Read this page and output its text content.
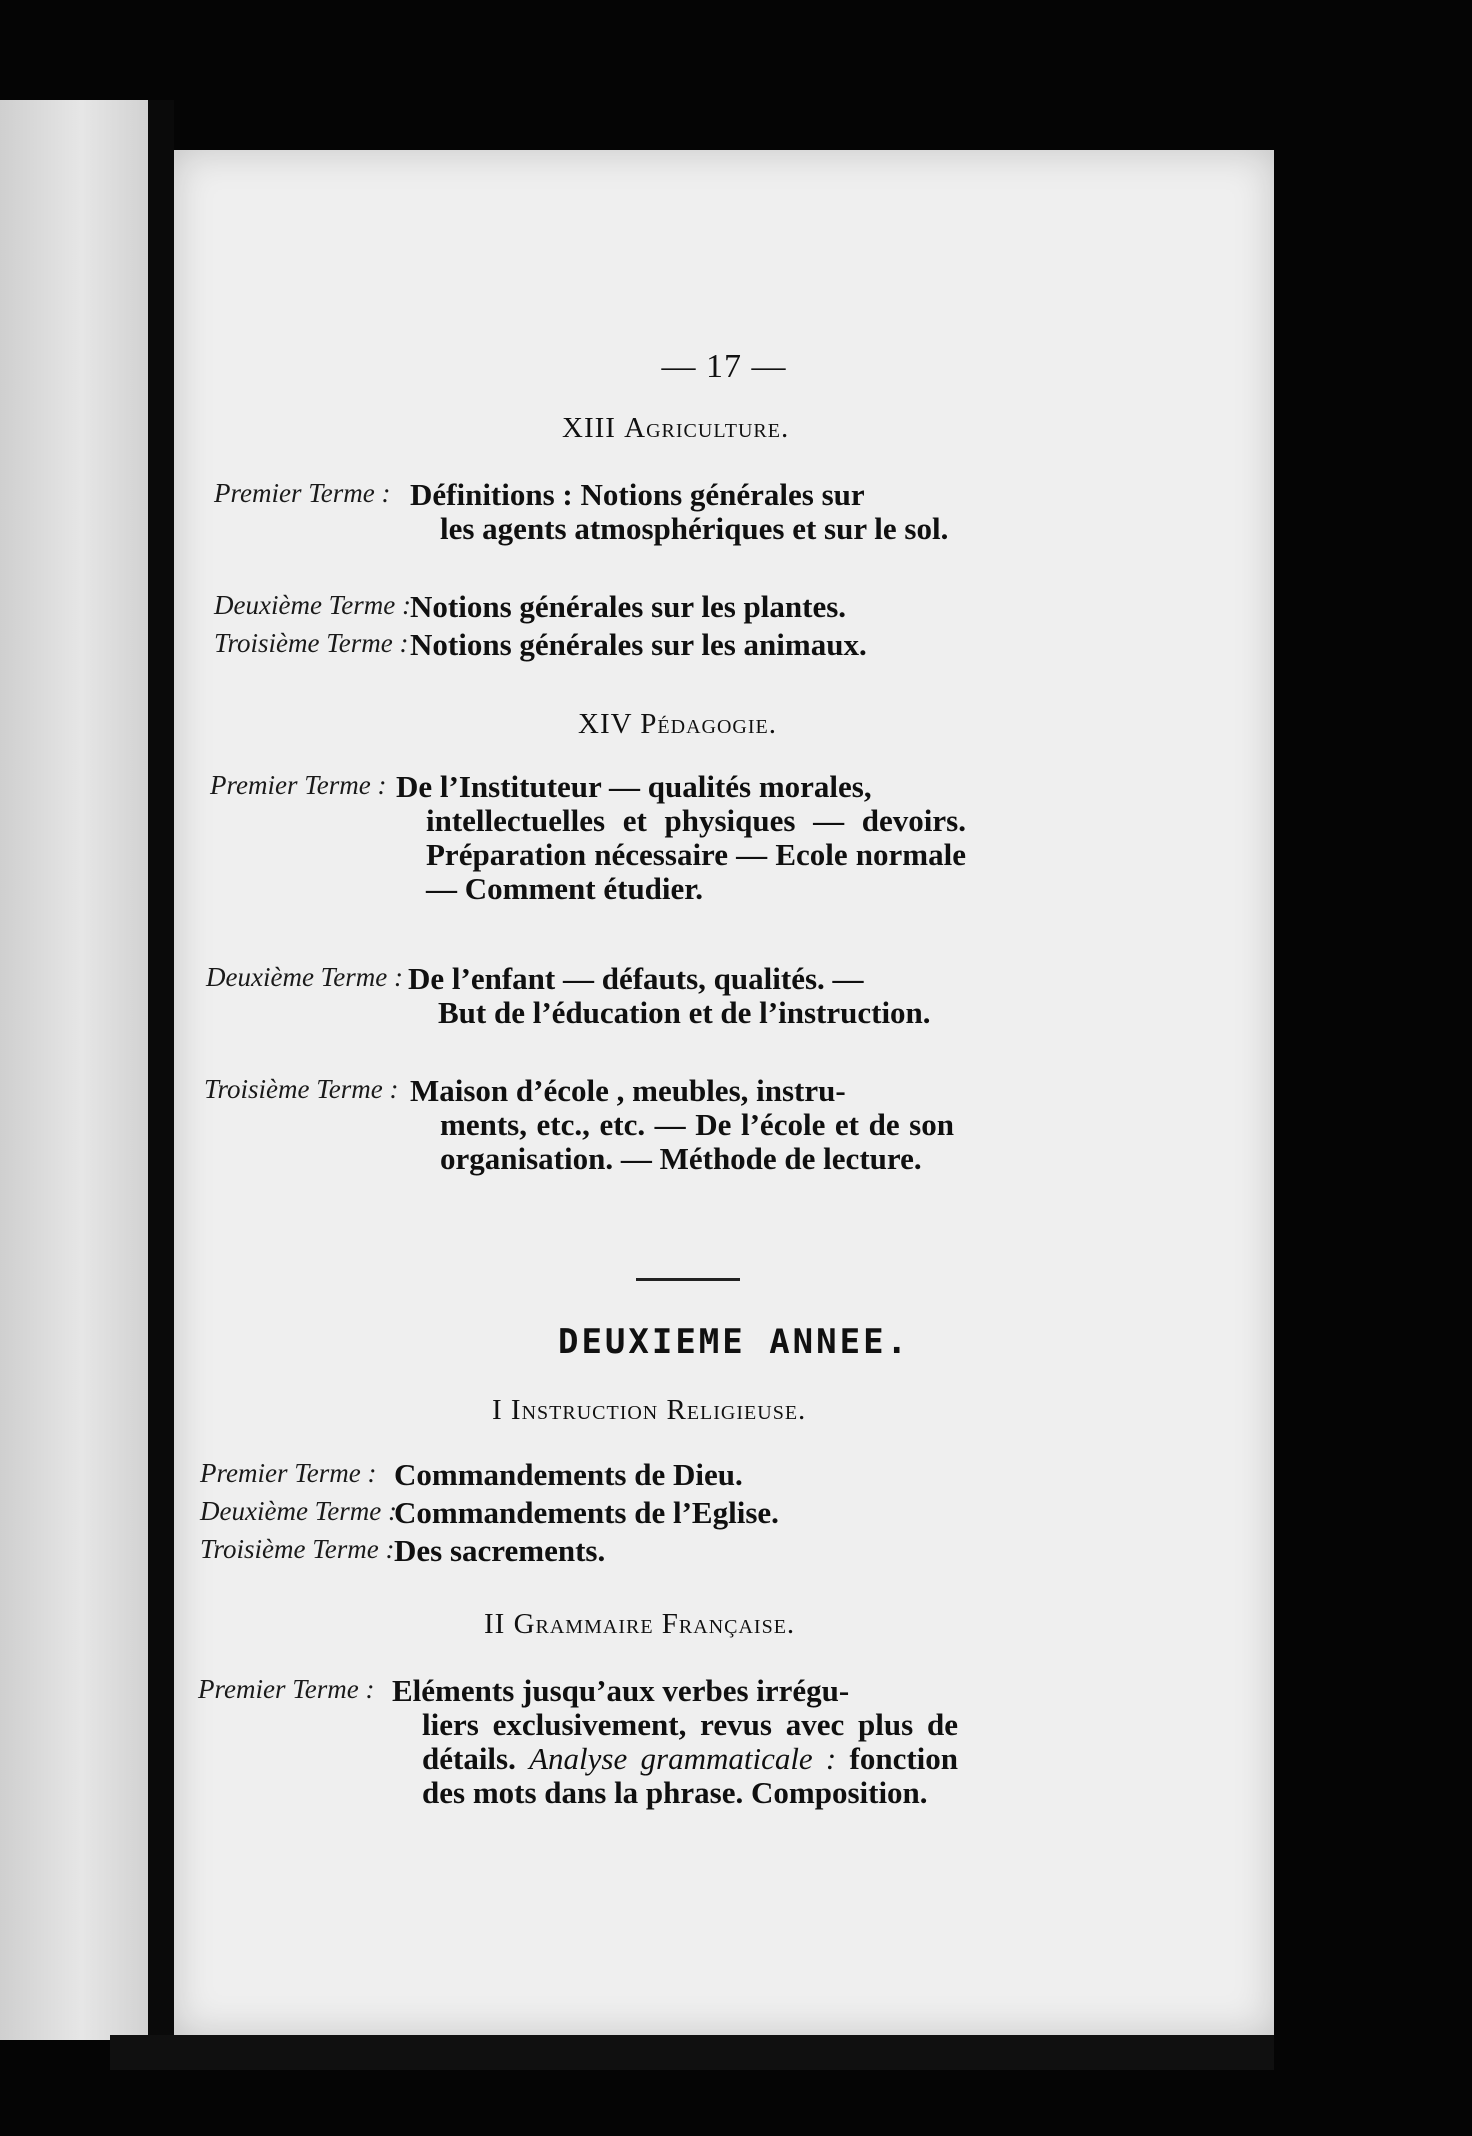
— 17 —
XIII Agriculture.
Premier Terme : Définitions : Notions générales sur
les agents atmosphériques et sur le sol.
Deuxième Terme : Notions générales sur les plantes.
Troisième Terme : Notions générales sur les animaux.
XIV Pédagogie.
Premier Terme : De l’Instituteur — qualités morales,
intellectuelles et physiques — devoirs. Préparation nécessaire — Ecole normale — Comment étudier.
Deuxième Terme : De l’enfant — défauts, qualités. —
But de l’éducation et de l’instruction.
Troisième Terme : Maison d’école , meubles, instru-
ments, etc., etc. — De l’école et de son organisation. — Méthode de lecture.
DEUXIEME ANNEE.
I Instruction Religieuse.
Premier Terme : Commandements de Dieu.
Deuxième Terme :
Commandements de l’Eglise.
Troisième Terme : Des sacrements.
II Grammaire Française.
Premier Terme : Eléments jusqu’aux verbes irrégu-
liers exclusivement, revus avec plus de détails. Analyse grammaticale : fonction des mots dans la phrase. Composition.
